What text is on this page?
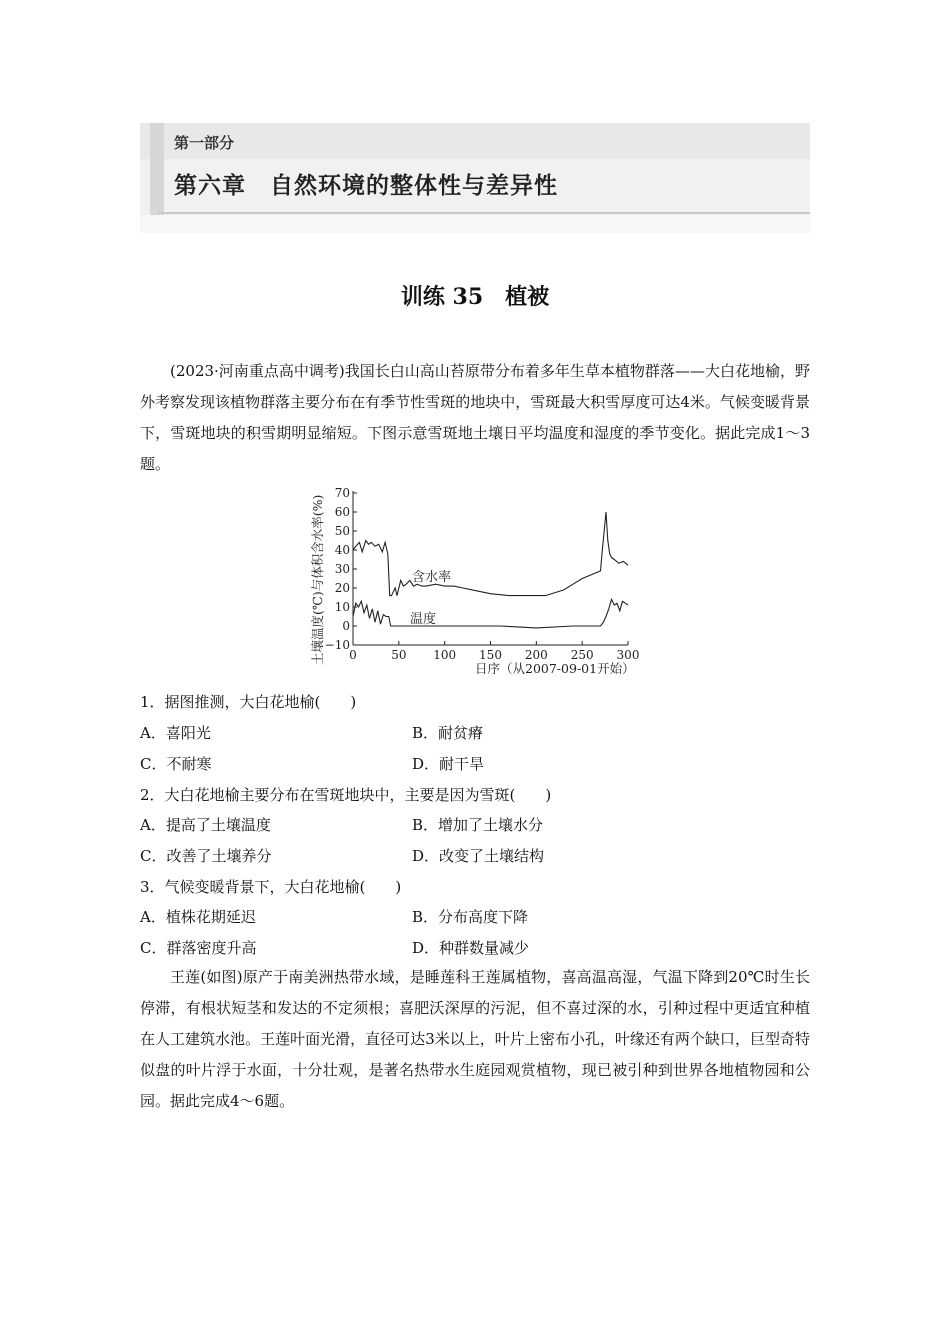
第一部分
第六章　自然环境的整体性与差异性
训练 35　植被

(2023·河南重点高中调考)我国长白山高山苔原带分布着多年生草本植物群落——大白花地榆，野外考察发现该植物群落主要分布在有季节性雪斑的地块中，雪斑最大积雪厚度可达4米。气候变暖背景下，雪斑地块的积雪期明显缩短。下图示意雪斑地土壤日平均温度和湿度的季节变化。据此完成1～3题。

−10
0
10
20
30
40
50
60
70
0	50 100 150 200 250 300
日序（从2007-09-01开始）
土壤温度(℃)与体积含水率(%)	含水率
温度
1．据图推测，大白花地榆(　　)
A．喜阳光	B．耐贫瘠
C．不耐寒	D．耐干旱
2．大白花地榆主要分布在雪斑地块中，主要是因为雪斑(　　)
A．提高了土壤温度	B．增加了土壤水分
C．改善了土壤养分	D．改变了土壤结构
3．气候变暖背景下，大白花地榆(　　)
A．植株花期延迟	B．分布高度下降
C．群落密度升高	D．种群数量减少

王莲(如图)原产于南美洲热带水域，是睡莲科王莲属植物，喜高温高湿，气温下降到20℃时生长停滞，有根状短茎和发达的不定须根；喜肥沃深厚的污泥，但不喜过深的水，引种过程中更适宜种植在人工建筑水池。王莲叶面光滑，直径可达3米以上，叶片上密布小孔，叶缘还有两个缺口，巨型奇特似盘的叶片浮于水面，十分壮观，是著名热带水生庭园观赏植物，现已被引种到世界各地植物园和公园。据此完成4～6题。
